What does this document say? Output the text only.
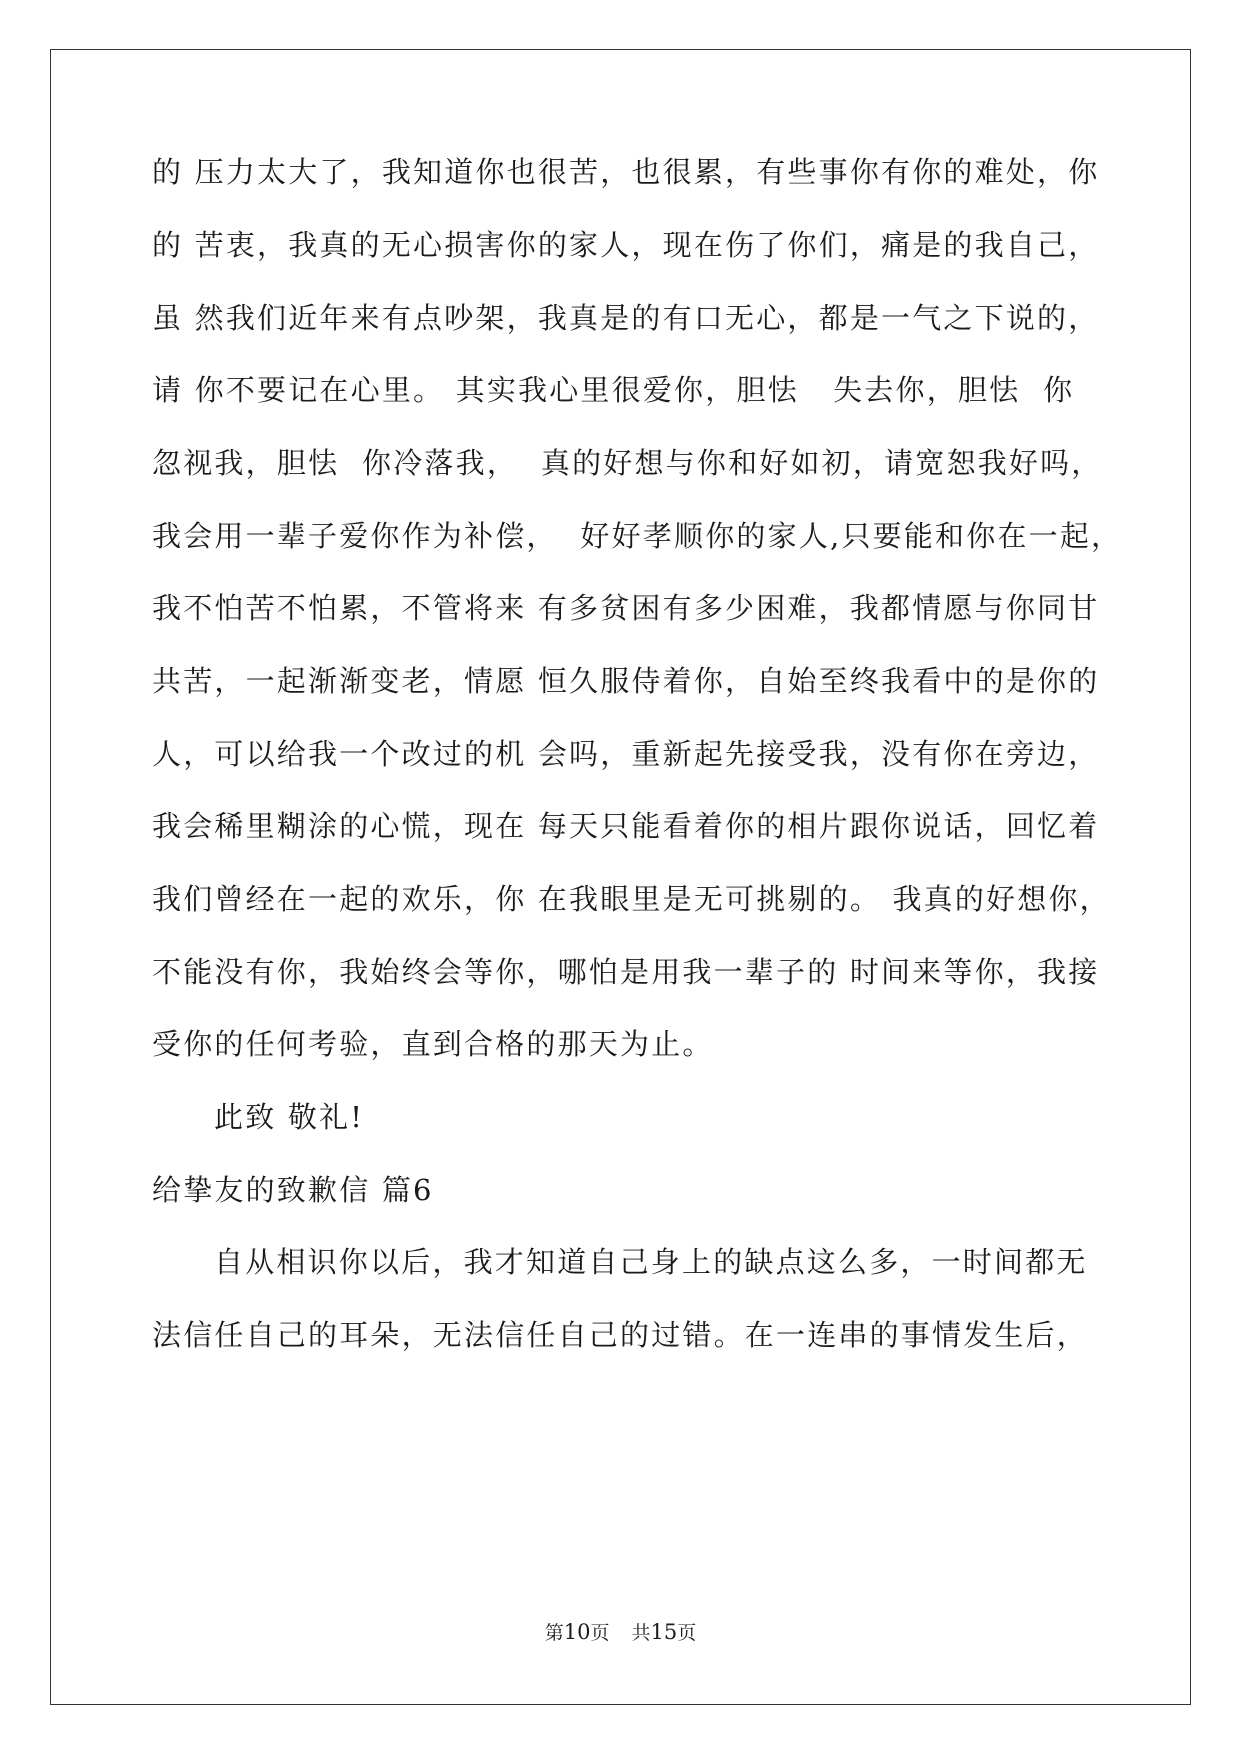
的 压力太大了，我知道你也很苦，也很累，有些事你有你的难处，你
的 苦衷，我真的无心损害你的家人，现在伤了你们，痛是的我自己，
虽 然我们近年来有点吵架，我真是的有口无心，都是一气之下说的，
请 你不要记在心里。 其实我心里很爱你，胆怯   失去你，胆怯  你
忽视我，胆怯  你冷落我，  真的好想与你和好如初，请宽恕我好吗，
我会用一辈子爱你作为补偿，  好好孝顺你的家人,只要能和你在一起，
我不怕苦不怕累，不管将来 有多贫困有多少困难，我都情愿与你同甘
共苦，一起渐渐变老，情愿 恒久服侍着你，自始至终我看中的是你的
人，可以给我一个改过的机 会吗，重新起先接受我，没有你在旁边，
我会稀里糊涂的心慌，现在 每天只能看着你的相片跟你说话，回忆着
我们曾经在一起的欢乐，你 在我眼里是无可挑剔的。 我真的好想你，
不能没有你，我始终会等你，哪怕是用我一辈子的 时间来等你，我接
受你的任何考验，直到合格的那天为止。
此致 敬礼!
给挚友的致歉信 篇6
自从相识你以后，我才知道自己身上的缺点这么多，一时间都无
法信任自己的耳朵，无法信任自己的过错。在一连串的事情发生后，
第10页 共15页
